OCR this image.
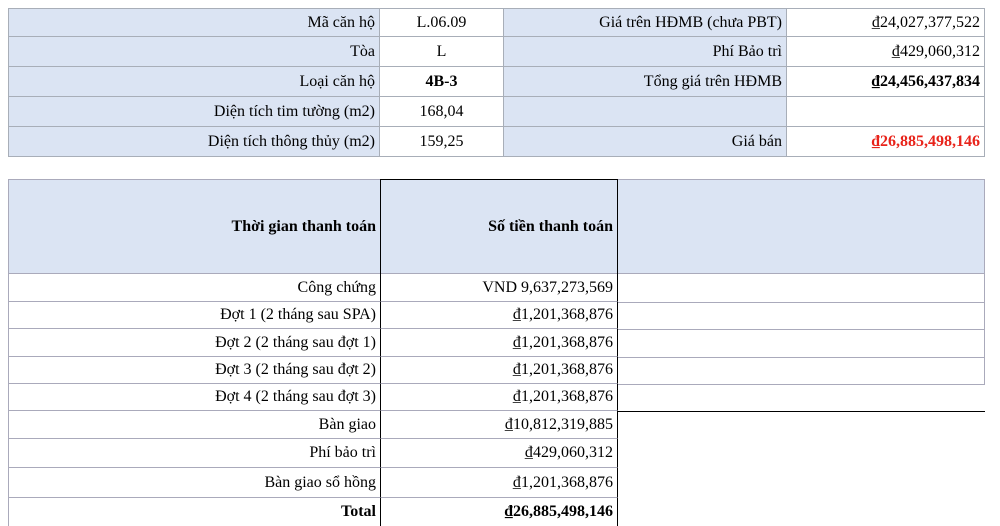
Mã căn hộ	L.06.09	Giá trên HĐMB (chưa PBT)	₫24,027,377,522
Tòa	L	Phí Bảo trì	₫429,060,312
Loại căn hộ	4B-3	Tổng giá trên HĐMB	₫24,456,437,834
Diện tích tim tường (m2)	168,04
Diện tích thông thủy (m2)	159,25	Giá bán	₫26,885,498,146
Thời gian thanh toán	Số tiền thanh toán
Công chứng	VND 9,637,273,569
Đợt 1 (2 tháng sau SPA)	₫1,201,368,876
Đợt 2 (2 tháng sau đợt 1)	₫1,201,368,876
Đợt 3 (2 tháng sau đợt 2)	₫1,201,368,876
Đợt 4 (2 tháng sau đợt 3)	₫1,201,368,876
Bàn giao	₫10,812,319,885
Phí bảo trì	₫429,060,312
Bàn giao sổ hồng	₫1,201,368,876
Total	₫26,885,498,146
